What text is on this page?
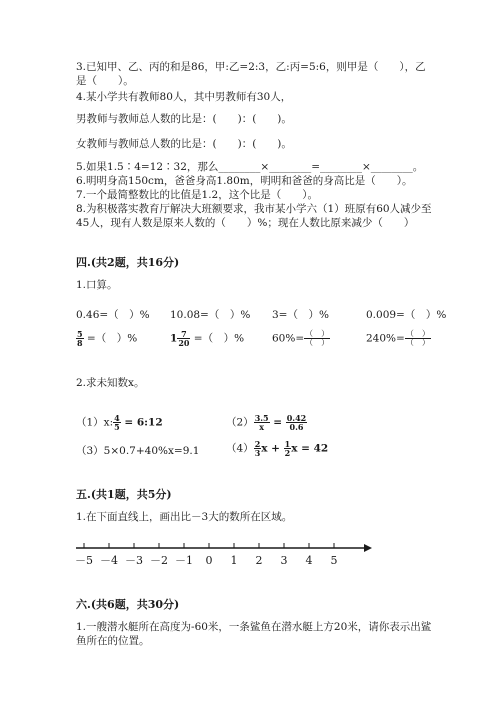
3.已知甲、乙、丙的和是86，甲:乙=2:3，乙:丙=5:6，则甲是（　　），乙
是（　　）。
4.某小学共有教师80人，其中男教师有30人，
男教师与教师总人数的比是：(　　)：(　　)。
女教师与教师总人数的比是：(　　)：(　　)。
5.如果1.5∶4=12∶32，那么________×________=________×________。
6.明明身高150cm，爸爸身高1.80m，明明和爸爸的身高比是（　　）。
7.一个最简整数比的比值是1.2，这个比是（　　）。
8.为积极落实教育厅解决大班额要求，我市某小学六（1）班原有60人减少至
45人，现有人数是原来人数的（　　）%；现在人数比原来减少（　　）
四.(共2题，共16分)
1.口算。
0.46=（　）% 10.08=（　）% 3=（　）%	0.009=（　）%
$\frac{5}{8}$ =（　）%	$1 \frac{7}{20}$ =（　）%	$60\%= \frac{( )}{( )}$	$240\%= \frac{( )}{( )}$
2.求未知数x。
（1）x: $\frac{4}{5}$ = 6:12	$(2) \frac{3.5}{x} = \frac{0.42}{0.6}$
（3）5×0.7+40%x=9.1	$(4) \frac{2}{3}$ $x + \frac{1}{2}$ x = 42
五.(共1题，共5分)
1.在下面直线上，画出比－3大的数所在区域。
－5 －4 －3 －2 －1 0 1 2 3 4 5
六.(共6题，共30分)
1.一艘潜水艇所在高度为-60米，一条鲨鱼在潜水艇上方20米，请你表示出鲨
鱼所在的位置。
